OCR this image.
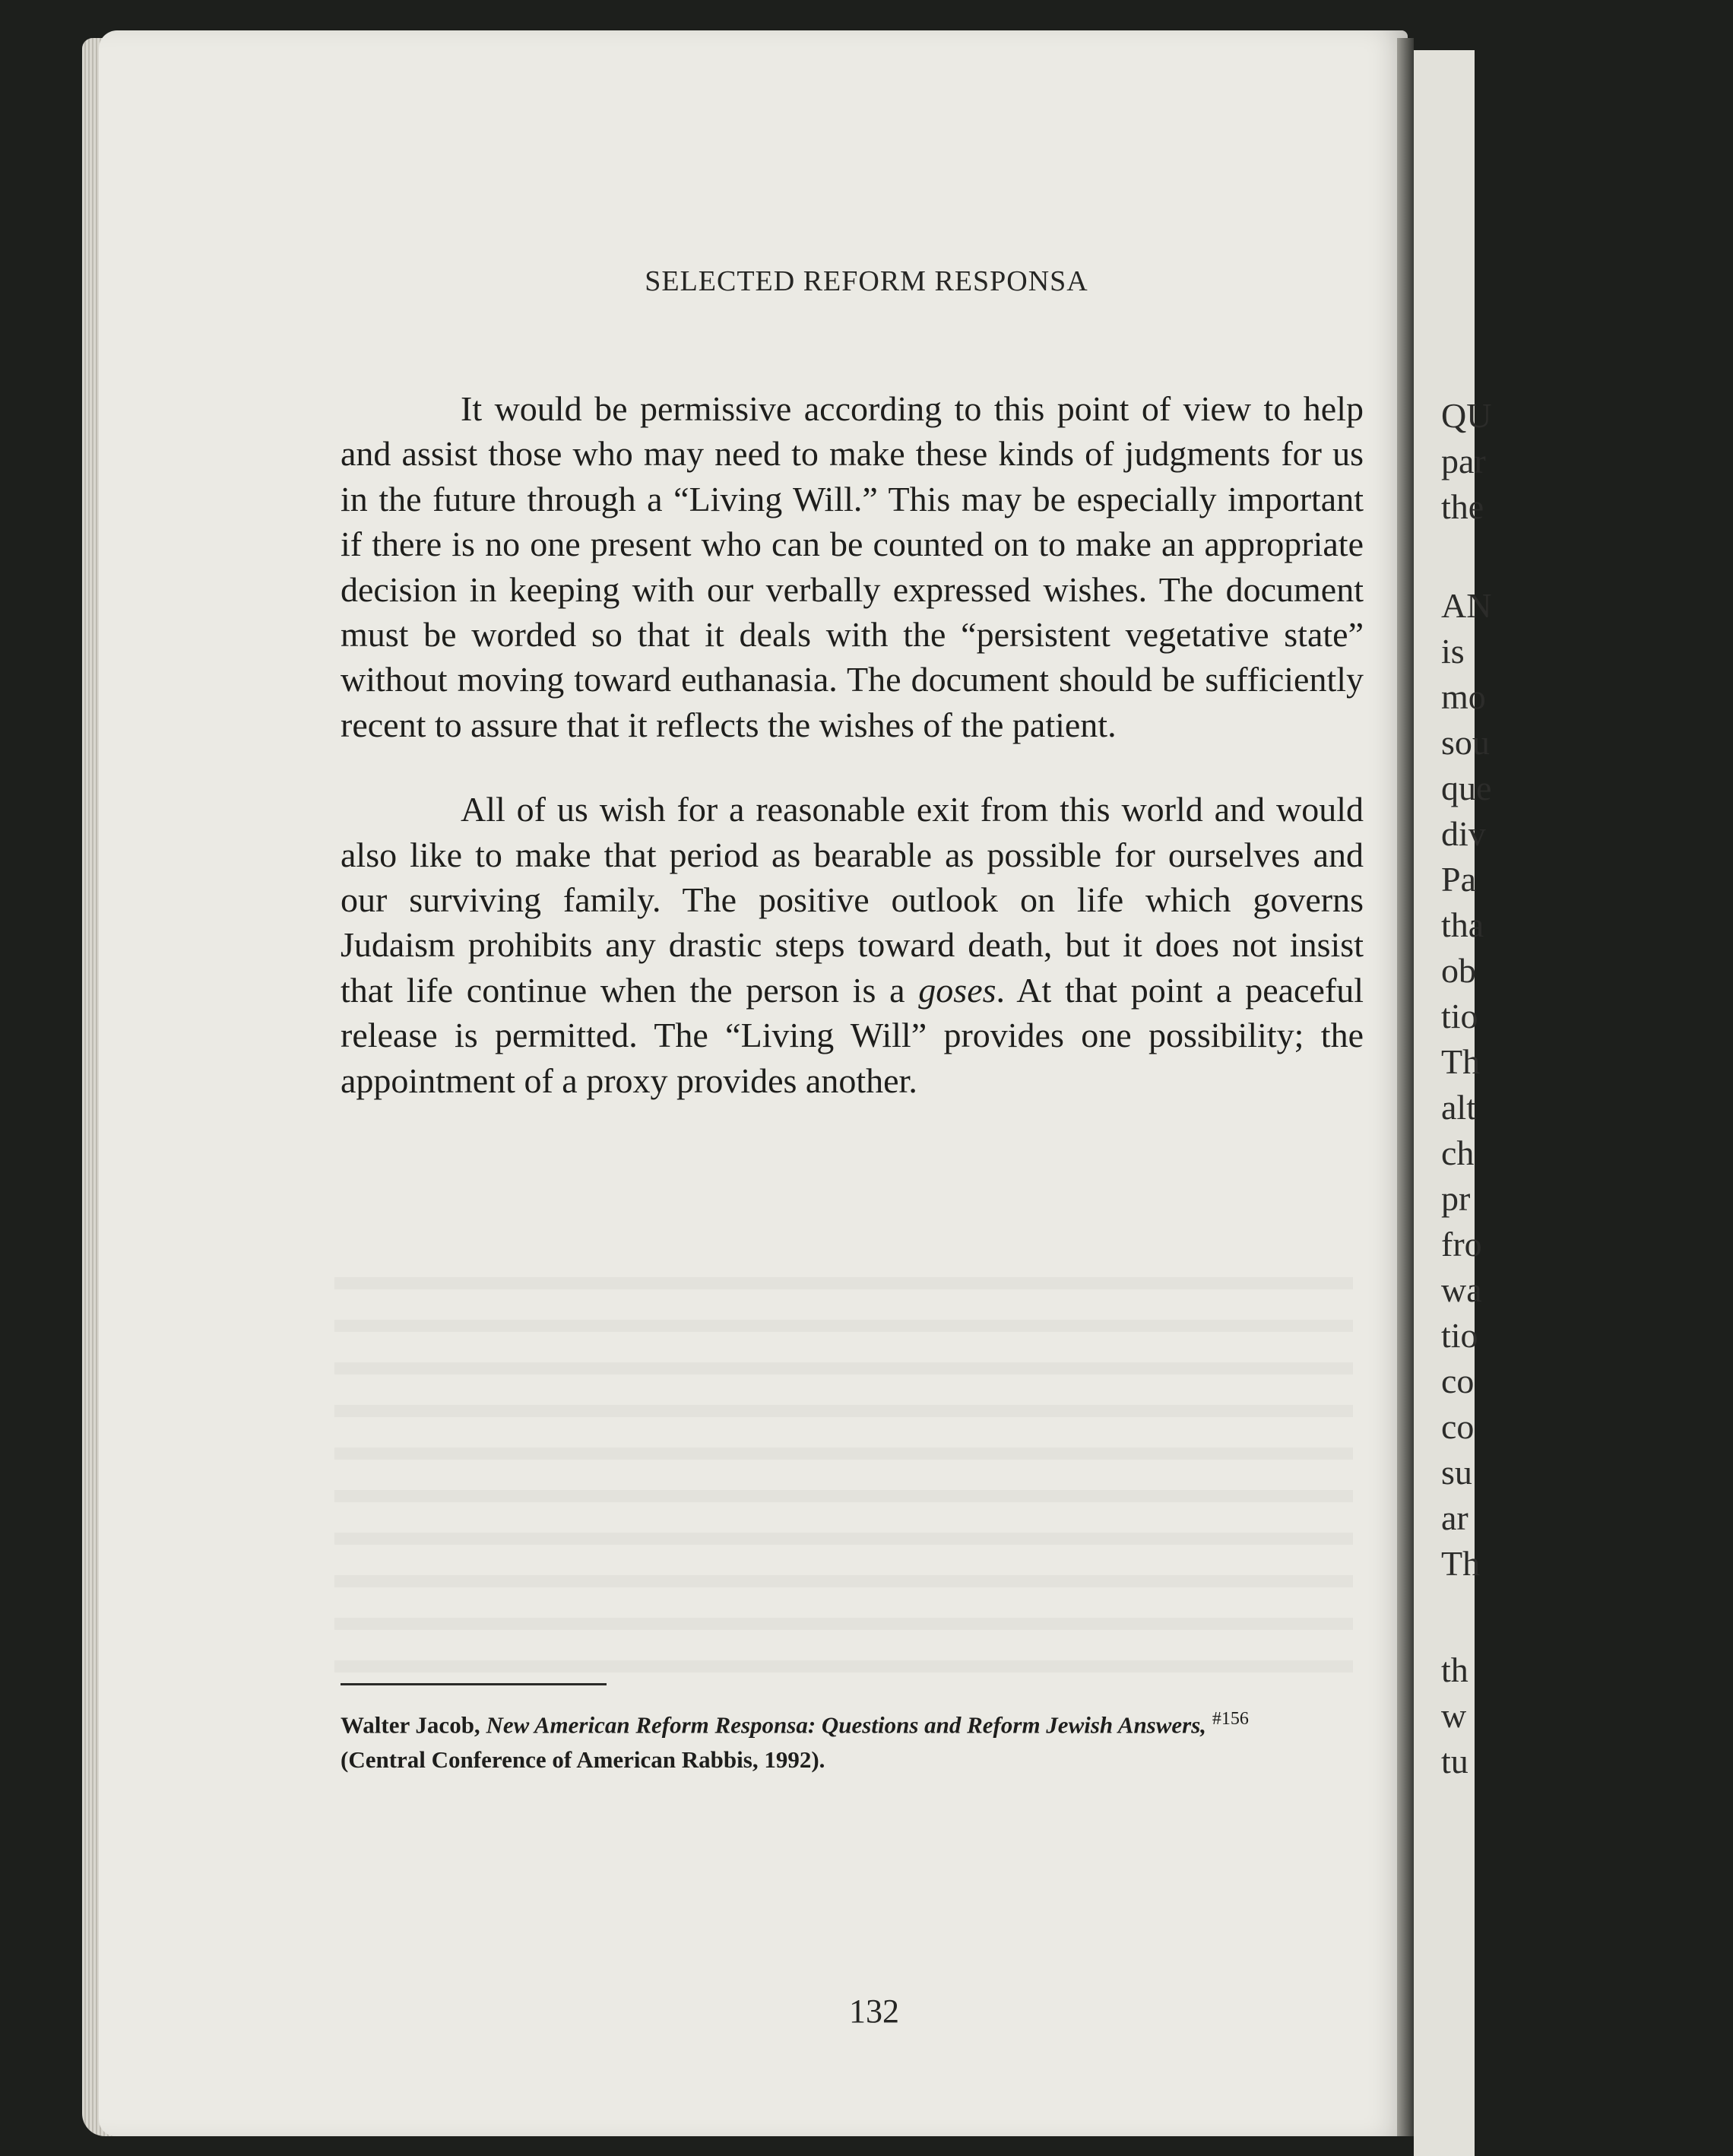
QU
par
the
AN
is
mo
sou
que
div
Pa
tha
ob
tio
Th
alt
ch
pr
fro
wa
tio
co
co
su
ar
Th
th
w
tu
SELECTED REFORM RESPONSA

It would be permissive according to this point of view to help and assist those who may need to make these kinds of judgments for us in the future through a “Living Will.” This may be especially important if there is no one present who can be counted on to make an appropriate decision in keeping with our verbally expressed wishes. The document must be worded so that it deals with the “persistent vegetative state” without moving toward euthanasia. The document should be sufficiently recent to assure that it reflects the wishes of the patient.

All of us wish for a reasonable exit from this world and would also like to make that period as bearable as possible for ourselves and our surviving family. The positive outlook on life which governs Judaism prohibits any drastic steps toward death, but it does not insist that life continue when the person is a goses. At that point a peaceful release is permitted. The “Living Will” provides one possibility; the appointment of a proxy provides another.

Walter Jacob, New American Reform Responsa: Questions and Reform Jewish Answers, $^{\#156}$
(Central Conference of American Rabbis, 1992).
132
